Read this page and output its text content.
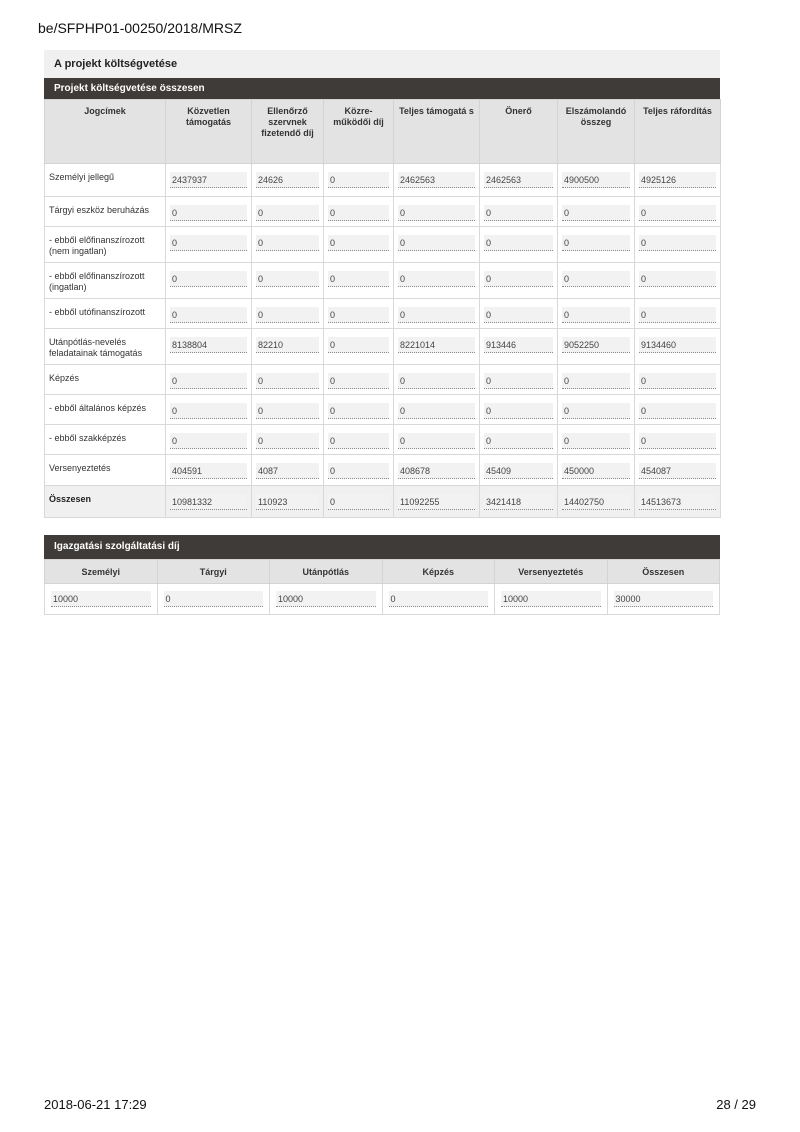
be/SFPHP01-00250/2018/MRSZ
A projekt költségvetése
Projekt költségvetése összesen
Jogcímek	Közvetlen támogatás	Ellenőrző szervnek fizetendő díj	Közre-működői díj	Teljes támogatá s	Önerő	Elszámolandó összeg	Teljes ráfordítás
Személyi jellegű	2437937	24626	0	2462563	2462563	4900500	4925126

Tárgyi eszköz beruházás	0	0	0	0	0	0	0

- ebből előfinanszírozott (nem ingatlan)	0	0	0	0	0	0	0

- ebből előfinanszírozott (ingatlan)	0	0	0	0	0	0	0

- ebből utófinanszírozott	0	0	0	0	0	0	0

Utánpótlás-nevelés feladatainak támogatás	8138804	82210	0	8221014	913446	9052250	9134460

Képzés	0	0	0	0	0	0	0

- ebből általános képzés	0	0	0	0	0	0	0

- ebből szakképzés	0	0	0	0	0	0	0

Versenyeztetés	404591	4087	0	408678	45409	450000	454087

Összesen	10981332	110923	0	11092255	3421418	14402750	14513673
Igazgatási szolgáltatási díj
Személyi	Tárgyi	Utánpótlás	Képzés	Versenyeztetés	Összesen

10000	0	10000	0	10000	30000
2018-06-21 17:29	28 / 29
